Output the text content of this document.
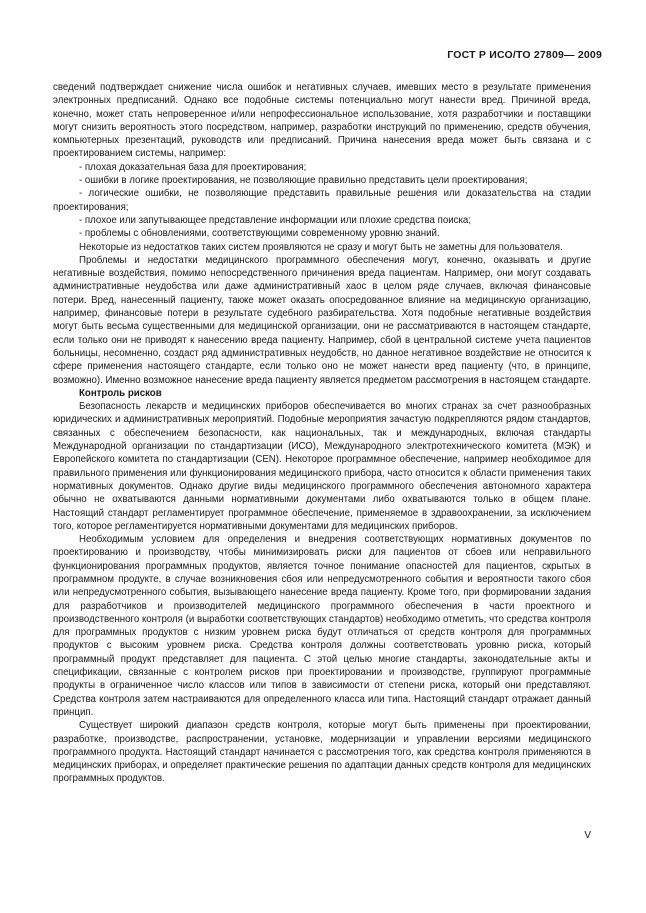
ГОСТ Р ИСО/ТО 27809— 2009

сведений подтверждает снижение числа ошибок и негативных случаев, имевших место в результате применения электронных предписаний. Однако все подобные системы потенциально могут нанести вред. Причиной вреда, конечно, может стать непроверенное и/или непрофессиональное использование, хотя разработчики и поставщики могут снизить вероятность этого посредством, например, разработки инструкций по применению, средств обучения, компьютерных презентаций, руководств или предписаний. Причина нанесения вреда может быть связана и с проектированием системы, например:

- плохая доказательная база для проектирования;

- ошибки в логике проектирования, не позволяющие правильно представить цели проектирования;

- логические ошибки, не позволяющие представить правильные решения или доказательства на стадии проектирования;

- плохое или запутывающее представление информации или плохие средства поиска;

- проблемы с обновлениями, соответствующими современному уровню знаний.

Некоторые из недостатков таких систем проявляются не сразу и могут быть не заметны для пользователя.

Проблемы и недостатки медицинского программного обеспечения могут, конечно, оказывать и другие негативные воздействия, помимо непосредственного причинения вреда пациентам. Например, они могут создавать административные неудобства или даже административный хаос в целом ряде случаев, включая финансовые потери. Вред, нанесенный пациенту, также может оказать опосредованное влияние на медицинскую организацию, например, финансовые потери в результате судебного разбирательства. Хотя подобные негативные воздействия могут быть весьма существенными для медицинской организации, они не рассматриваются в настоящем стандарте, если только они не приводят к нанесению вреда пациенту. Например, сбой в центральной системе учета пациентов больницы, несомненно, создаст ряд административных неудобств, но данное негативное воздействие не относится к сфере применения настоящего стандарте, если только оно не может нанести вред пациенту (что, в принципе, возможно). Именно возможное нанесение вреда пациенту является предметом рассмотрения в настоящем стандарте.

Контроль рисков

Безопасность лекарств и медицинских приборов обеспечивается во многих странах за счет разнообразных юридических и административных мероприятий. Подобные мероприятия зачастую подкрепляются рядом стандартов, связанных с обеспечением безопасности, как национальных, так и международных, включая стандарты Международной организации по стандартизации (ИСО), Международного электротехнического комитета (МЭК) и Европейского комитета по стандартизации (CEN). Некоторое программное обеспечение, например необходимое для правильного применения или функционирования медицинского прибора, часто относится к области применения таких нормативных документов. Однако другие виды медицинского программного обеспечения автономного характера обычно не охватываются данными нормативными документами либо охватываются только в общем плане. Настоящий стандарт регламентирует программное обеспечение, применяемое в здравоохранении, за исключением того, которое регламентируется нормативными документами для медицинских приборов.

Необходимым условием для определения и внедрения соответствующих нормативных документов по проектированию и производству, чтобы минимизировать риски для пациентов от сбоев или неправильного функционирования программных продуктов, является точное понимание опасностей для пациентов, скрытых в программном продукте, в случае возникновения сбоя или непредусмотренного события и вероятности такого сбоя или непредусмотренного события, вызывающего нанесение вреда пациенту. Кроме того, при формировании задания для разработчиков и производителей медицинского программного обеспечения в части проектного и производственного контроля (и выработки соответствующих стандартов) необходимо отметить, что средства контроля для программных продуктов с низким уровнем риска будут отличаться от средств контроля для программных продуктов с высоким уровнем риска. Средства контроля должны соответствовать уровню риска, который программный продукт представляет для пациента. С этой целью многие стандарты, законодательные акты и спецификации, связанные с контролем рисков при проектировании и производстве, группируют программные продукты в ограниченное число классов или типов в зависимости от степени риска, который они представляют. Средства контроля затем настраиваются для определенного класса или типа. Настоящий стандарт отражает данный принцип.

Существует широкий диапазон средств контроля, которые могут быть применены при проектировании, разработке, производстве, распространении, установке, модернизации и управлении версиями медицинского программного продукта. Настоящий стандарт начинается с рассмотрения того, как средства контроля применяются в медицинских приборах, и определяет практические решения по адаптации данных средств контроля для медицинских программных продуктов.

V
